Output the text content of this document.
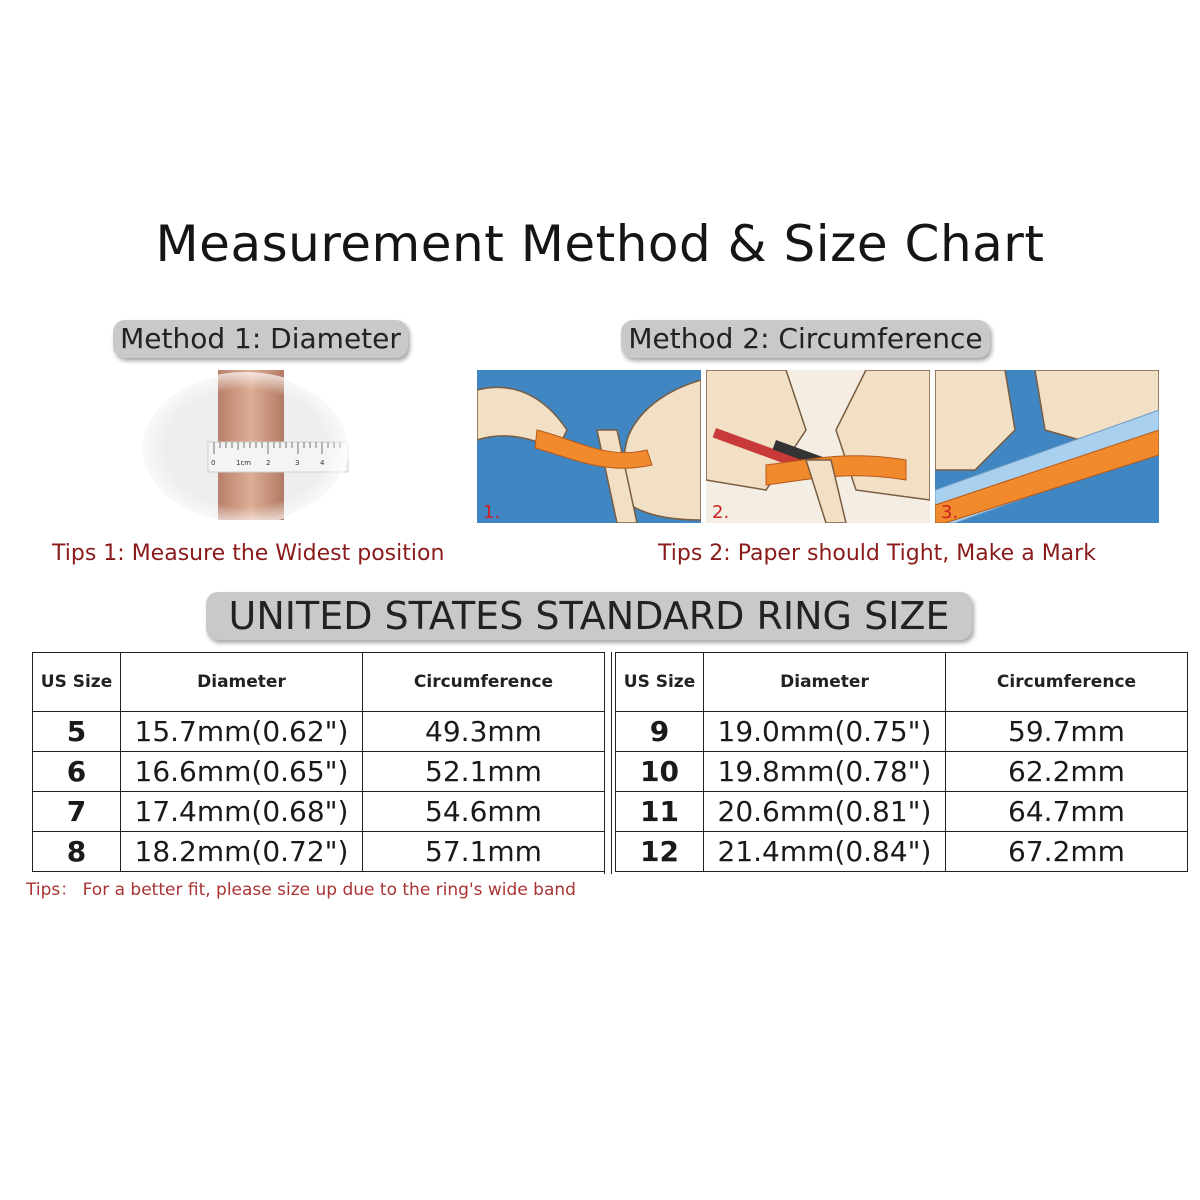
Measurement Method & Size Chart
Method 1: Diameter	Method 2: Circumference
1.	2.	3.
Tips 1: Measure the Widest position	Tips 2: Paper should Tight, Make a Mark
UNITED STATES STANDARD RING SIZE
US Size	Diameter	Circumference
5	15.7mm(0.62")	49.3mm
6	16.6mm(0.65")	52.1mm
7	17.4mm(0.68")	54.6mm
8	18.2mm(0.72")	57.1mm
US Size	Diameter	Circumference
9	19.0mm(0.75")	59.7mm
10	19.8mm(0.78")	62.2mm
11	20.6mm(0.81")	64.7mm
12	21.4mm(0.84")	67.2mm
Tips： For a better fit, please size up due to the ring's wide band
